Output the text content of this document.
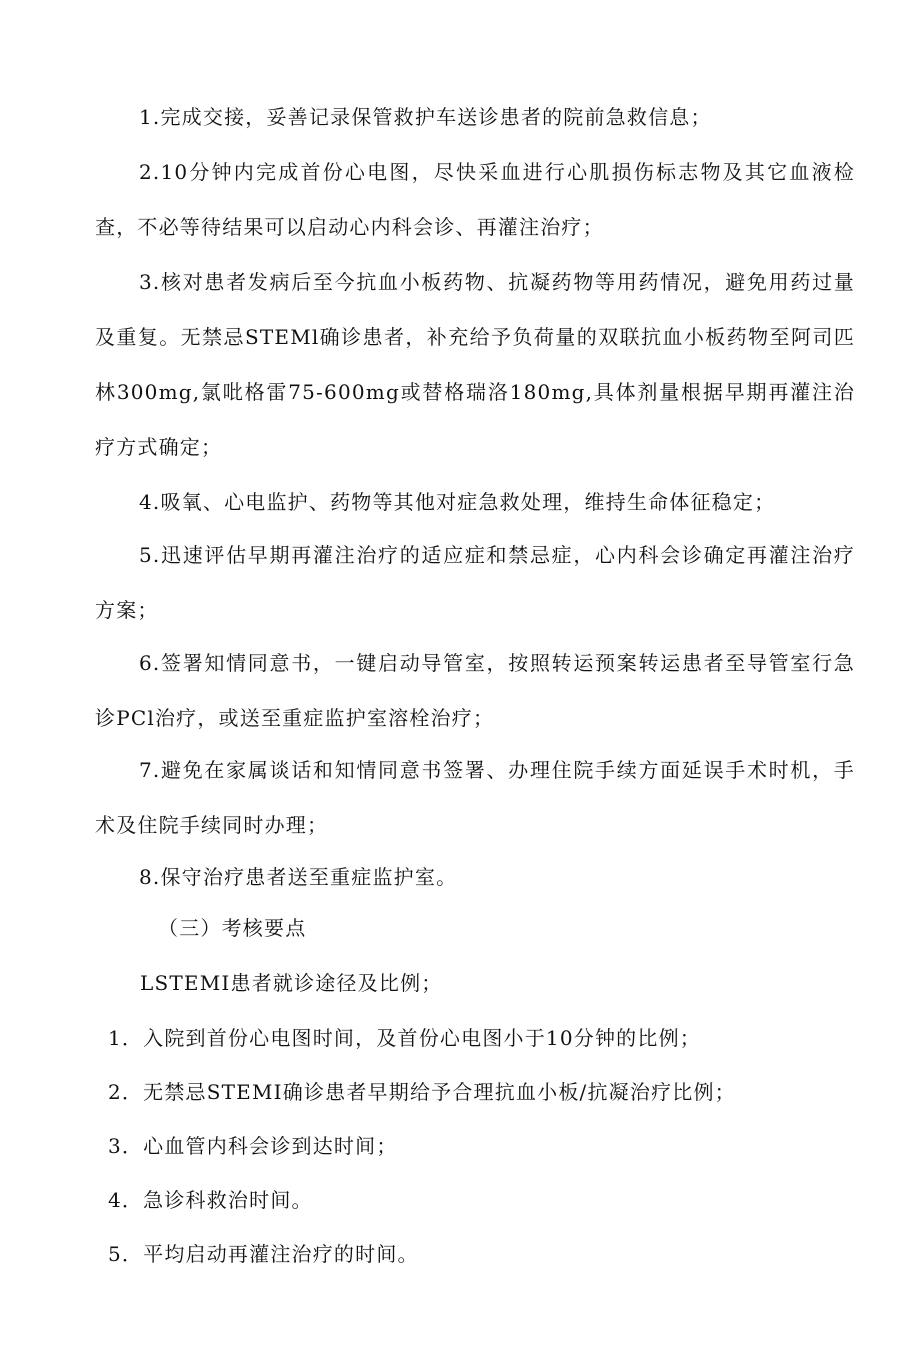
1.完成交接，妥善记录保管救护车送诊患者的院前急救信息；

2.10分钟内完成首份心电图，尽快采血进行心肌损伤标志物及其它血液检查，不必等待结果可以启动心内科会诊、再灌注治疗；

3.核对患者发病后至今抗血小板药物、抗凝药物等用药情况，避免用药过量及重复。无禁忌STEMl确诊患者，补充给予负荷量的双联抗血小板药物至阿司匹林300mg,氯吡格雷75-600mg或替格瑞洛180mg,具体剂量根据早期再灌注治疗方式确定；

4.吸氧、心电监护、药物等其他对症急救处理，维持生命体征稳定；

5.迅速评估早期再灌注治疗的适应症和禁忌症，心内科会诊确定再灌注治疗方案；

6.签署知情同意书，一键启动导管室，按照转运预案转运患者至导管室行急诊PCl治疗，或送至重症监护室溶栓治疗；

7.避免在家属谈话和知情同意书签署、办理住院手续方面延误手术时机，手术及住院手续同时办理；

8.保守治疗患者送至重症监护室。

（三）考核要点
LSTEMI患者就诊途径及比例；
1．入院到首份心电图时间，及首份心电图小于10分钟的比例；
2．无禁忌STEMI确诊患者早期给予合理抗血小板/抗凝治疗比例；
3．心血管内科会诊到达时间；
4．急诊科救治时间。
5．平均启动再灌注治疗的时间。
